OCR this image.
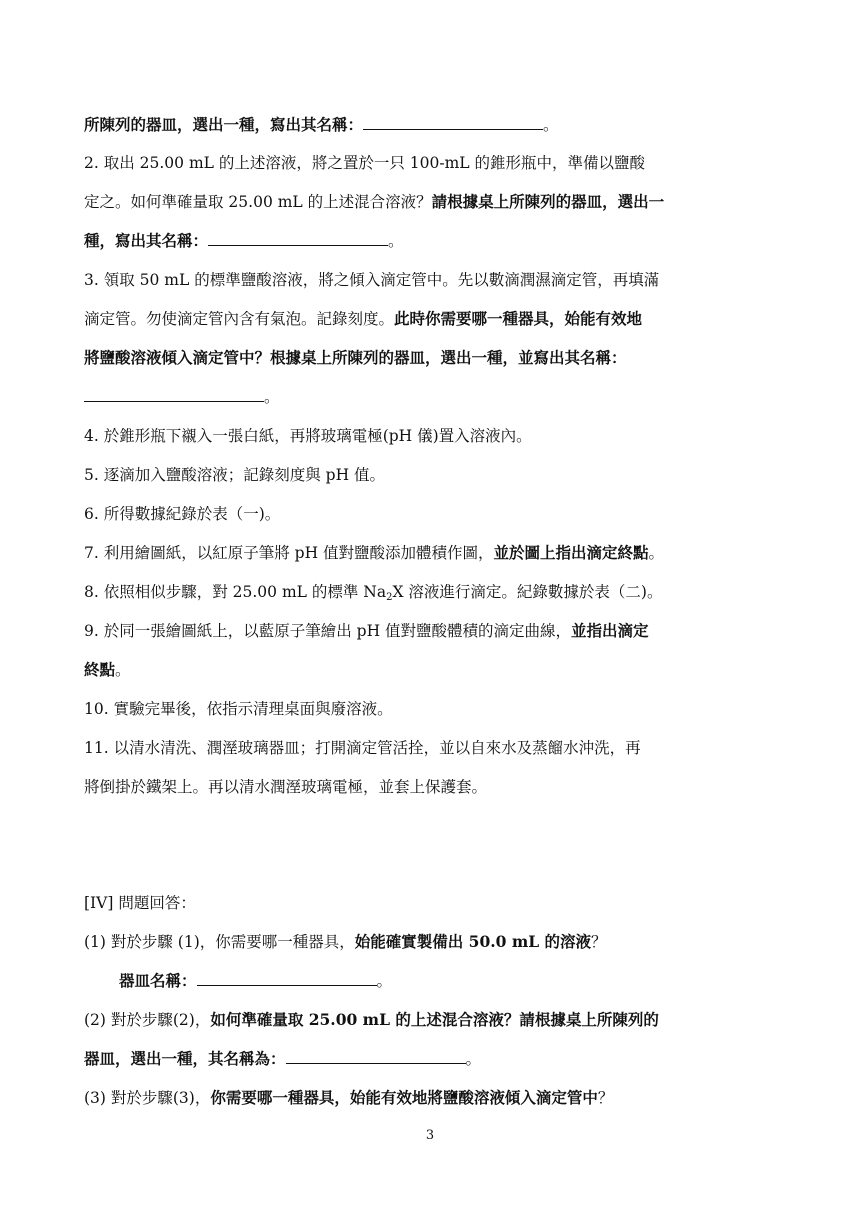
所陳列的器皿，選出一種，寫出其名稱：	。
2. 取出 25.00 mL 的上述溶液，將之置於一只 100-mL 的錐形瓶中，準備以鹽酸
定之。如何準確量取 25.00 mL 的上述混合溶液？請根據桌上所陳列的器皿，選出一
種，寫出其名稱：	。
3. 領取 50 mL 的標準鹽酸溶液，將之傾入滴定管中。先以數滴潤濕滴定管，再填滿
滴定管。勿使滴定管內含有氣泡。記錄刻度。此時你需要哪一種器具，始能有效地
將鹽酸溶液傾入滴定管中？根據桌上所陳列的器皿，選出一種，並寫出其名稱：
。
4. 於錐形瓶下襯入一張白紙，再將玻璃電極(pH 儀)置入溶液內。
5. 逐滴加入鹽酸溶液；記錄刻度與 pH 值。
6. 所得數據紀錄於表（一)。
7. 利用繪圖紙，以紅原子筆將 pH 值對鹽酸添加體積作圖，並於圖上指出滴定終點。
8. 依照相似步驟，對 25.00 mL 的標準 $Na_2X$ 溶液進行滴定。紀錄數據於表（二)。
9. 於同一張繪圖紙上，以藍原子筆繪出 pH 值對鹽酸體積的滴定曲線，並指出滴定
終點。
10. 實驗完畢後，依指示清理桌面與廢溶液。
11. 以清水清洗、潤溼玻璃器皿；打開滴定管活拴，並以自來水及蒸餾水沖洗，再
將倒掛於鐵架上。再以清水潤溼玻璃電極，並套上保護套。
[IV] 問題回答：
(1) 對於步驟 (1)，你需要哪一種器具，始能確實製備出 50.0 mL 的溶液？
器皿名稱：	。
(2) 對於步驟(2)，如何準確量取 25.00 mL 的上述混合溶液？請根據桌上所陳列的
器皿，選出一種，其名稱為：	。
(3) 對於步驟(3)，你需要哪一種器具，始能有效地將鹽酸溶液傾入滴定管中？
3
